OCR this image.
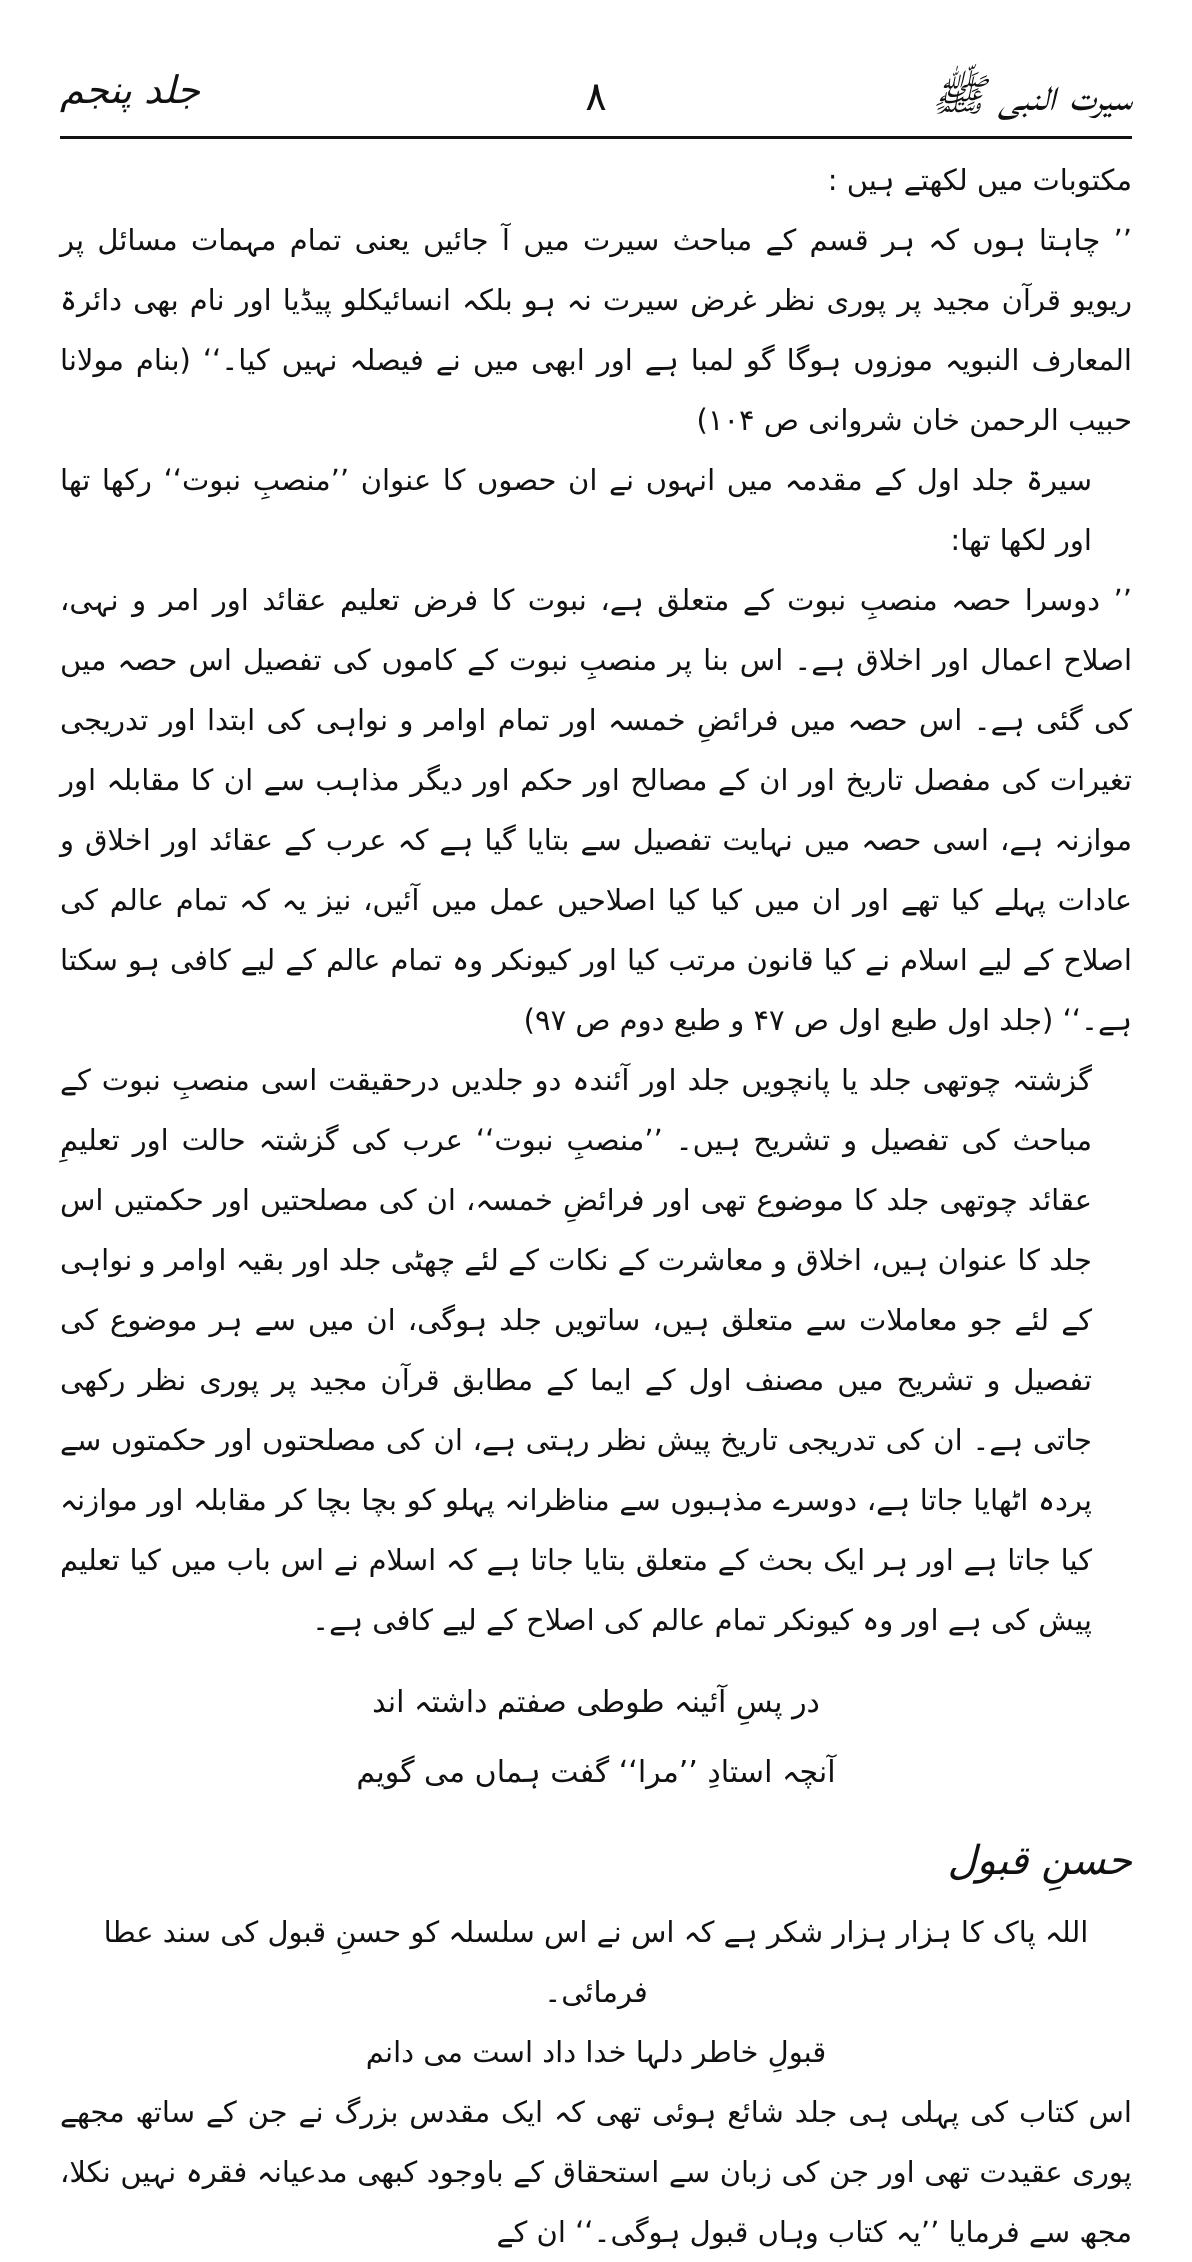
سیرت النبی ﷺ
۸
جلد پنجم

مکتوبات میں لکھتے ہیں :

’’ چاہتا ہوں کہ ہر قسم کے مباحث سیرت میں آ جائیں یعنی تمام مہمات مسائل پر ریویو قرآن مجید پر پوری نظر غرض سیرت نہ ہو بلکہ انسائیکلو پیڈیا اور نام بھی دائرۃ المعارف النبویہ موزوں ہوگا گو لمبا ہے اور ابھی میں نے فیصلہ نہیں کیا۔‘‘ (بنام مولانا حبیب الرحمن خان شروانی ص ۱۰۴)

سیرۃ جلد اول کے مقدمہ میں انہوں نے ان حصوں کا عنوان ’’منصبِ نبوت‘‘ رکھا تھا اور لکھا تھا:

’’ دوسرا حصہ منصبِ نبوت کے متعلق ہے، نبوت کا فرض تعلیم عقائد اور امر و نہی، اصلاح اعمال اور اخلاق ہے۔ اس بنا پر منصبِ نبوت کے کاموں کی تفصیل اس حصہ میں کی گئی ہے۔ اس حصہ میں فرائضِ خمسہ اور تمام اوامر و نواہی کی ابتدا اور تدریجی تغیرات کی مفصل تاریخ اور ان کے مصالح اور حکم اور دیگر مذاہب سے ان کا مقابلہ اور موازنہ ہے، اسی حصہ میں نہایت تفصیل سے بتایا گیا ہے کہ عرب کے عقائد اور اخلاق و عادات پہلے کیا تھے اور ان میں کیا کیا اصلاحیں عمل میں آئیں، نیز یہ کہ تمام عالم کی اصلاح کے لیے اسلام نے کیا قانون مرتب کیا اور کیونکر وہ تمام عالم کے لیے کافی ہو سکتا ہے۔‘‘ (جلد اول طبع اول ص ۴۷ و طبع دوم ص ۹۷)

گزشتہ چوتھی جلد یا پانچویں جلد اور آئندہ دو جلدیں درحقیقت اسی منصبِ نبوت کے مباحث کی تفصیل و تشریح ہیں۔ ’’منصبِ نبوت‘‘ عرب کی گزشتہ حالت اور تعلیمِ عقائد چوتھی جلد کا موضوع تھی اور فرائضِ خمسہ، ان کی مصلحتیں اور حکمتیں اس جلد کا عنوان ہیں، اخلاق و معاشرت کے نکات کے لئے چھٹی جلد اور بقیہ اوامر و نواہی کے لئے جو معاملات سے متعلق ہیں، ساتویں جلد ہوگی، ان میں سے ہر موضوع کی تفصیل و تشریح میں مصنف اول کے ایما کے مطابق قرآن مجید پر پوری نظر رکھی جاتی ہے۔ ان کی تدریجی تاریخ پیش نظر رہتی ہے، ان کی مصلحتوں اور حکمتوں سے پردہ اٹھایا جاتا ہے، دوسرے مذہبوں سے مناظرانہ پہلو کو بچا بچا کر مقابلہ اور موازنہ کیا جاتا ہے اور ہر ایک بحث کے متعلق بتایا جاتا ہے کہ اسلام نے اس باب میں کیا تعلیم پیش کی ہے اور وہ کیونکر تمام عالم کی اصلاح کے لیے کافی ہے۔

در پسِ آئینہ طوطی صفتم داشتہ اند

آنچہ استادِ ’’مرا‘‘ گفت ہماں می گویم

حسنِ قبول

اللہ پاک کا ہزار ہزار شکر ہے کہ اس نے اس سلسلہ کو حسنِ قبول کی سند عطا فرمائی۔

قبولِ خاطر دلہا خدا داد است می دانم

اس کتاب کی پہلی ہی جلد شائع ہوئی تھی کہ ایک مقدس بزرگ نے جن کے ساتھ مجھے پوری عقیدت تھی اور جن کی زبان سے استحقاق کے باوجود کبھی مدعیانہ فقرہ نہیں نکلا، مجھ سے فرمایا ’’یہ کتاب وہاں قبول ہوگی۔‘‘ ان کے
